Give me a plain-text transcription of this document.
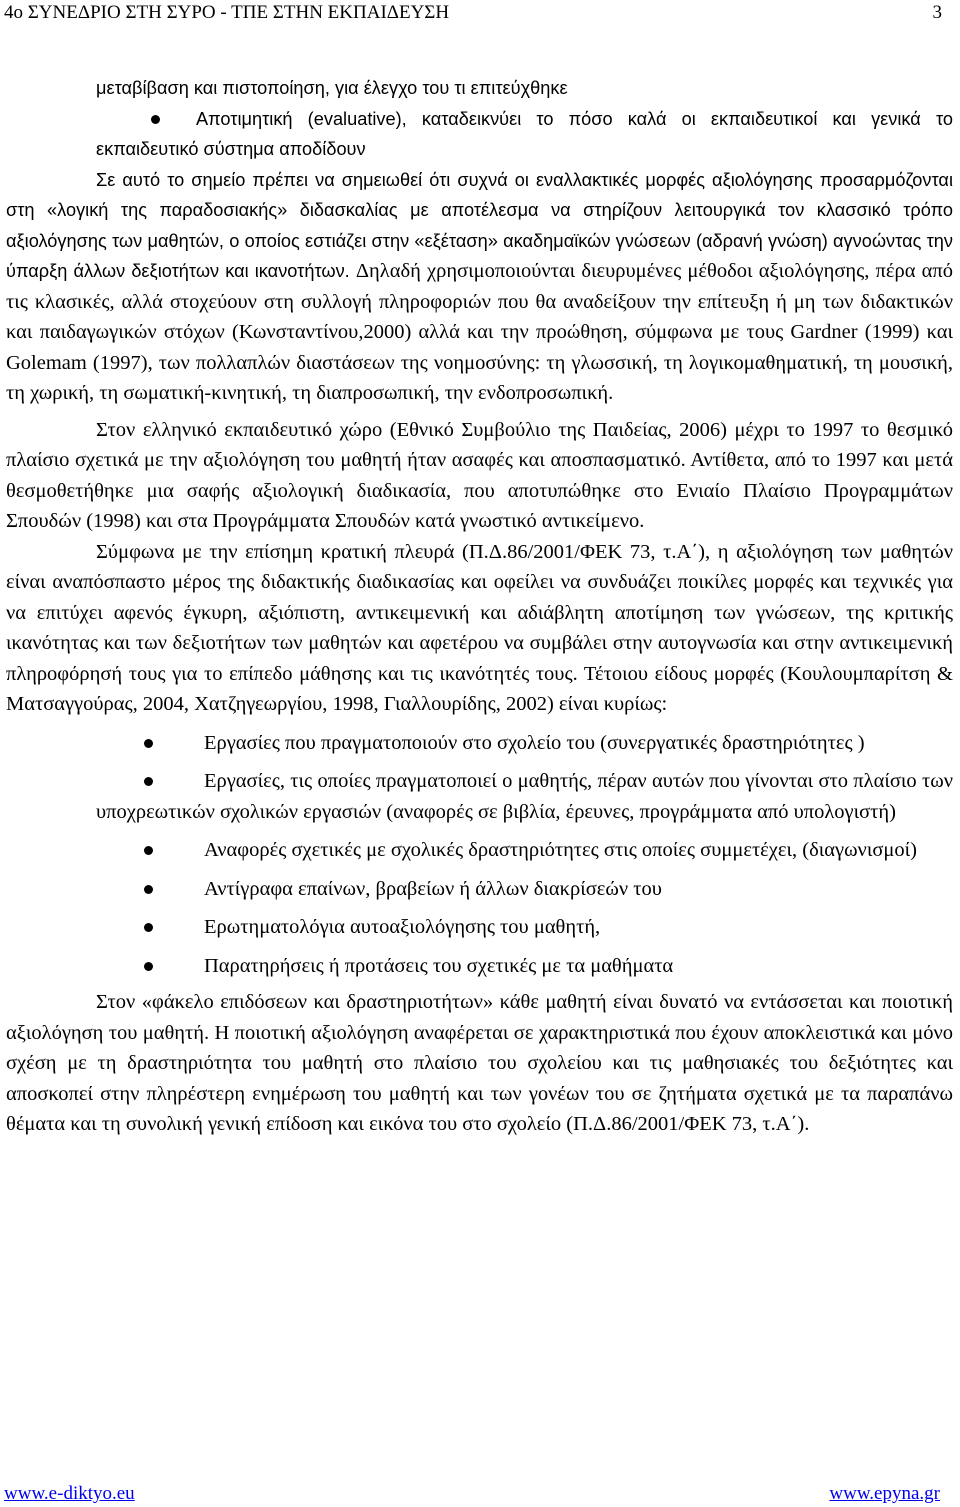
4ο ΣΥΝΕΔΡΙΟ ΣΤΗ ΣΥΡΟ - ΤΠΕ ΣΤΗΝ ΕΚΠΑΙΔΕΥΣΗ	3

μεταβίβαση και πιστοποίηση, για έλεγχο του τι επιτεύχθηκε

Αποτιμητική (evaluative), καταδεικνύει το πόσο καλά οι εκπαιδευτικοί και γενικά το εκπαιδευτικό σύστημα αποδίδουν

Σε αυτό το σημείο πρέπει να σημειωθεί ότι συχνά οι εναλλακτικές μορφές αξιολόγησης προσαρμόζονται στη «λογική της παραδοσιακής» διδασκαλίας με αποτέλεσμα να στηρίζουν λειτουργικά τον κλασσικό τρόπο αξιολόγησης των μαθητών, ο οποίος εστιάζει στην «εξέταση» ακαδημαϊκών γνώσεων (αδρανή γνώση) αγνοώντας την ύπαρξη άλλων δεξιοτήτων και ικανοτήτων. Δηλαδή χρησιμοποιούνται διευρυμένες μέθοδοι αξιολόγησης, πέρα από τις κλασικές, αλλά στοχεύουν στη συλλογή πληροφοριών που θα αναδείξουν την επίτευξη ή μη των διδακτικών και παιδαγωγικών στόχων (Κωνσταντίνου,2000) αλλά και την προώθηση, σύμφωνα με τους Gardner (1999) και Golemam (1997), των πολλαπλών διαστάσεων της νοημοσύνης: τη γλωσσική, τη λογικομαθηματική, τη μουσική, τη χωρική, τη σωματική-κινητική, τη διαπροσωπική, την ενδοπροσωπική.

Στον ελληνικό εκπαιδευτικό χώρο (Εθνικό Συμβούλιο της Παιδείας, 2006) μέχρι το 1997 το θεσμικό πλαίσιο σχετικά με την αξιολόγηση του μαθητή ήταν ασαφές και αποσπασματικό. Αντίθετα, από το 1997 και μετά θεσμοθετήθηκε μια σαφής αξιολογική διαδικασία, που αποτυπώθηκε στο Ενιαίο Πλαίσιο Προγραμμάτων Σπουδών (1998) και στα Προγράμματα Σπουδών κατά γνωστικό αντικείμενο.

Σύμφωνα με την επίσημη κρατική πλευρά (Π.Δ.86/2001/ΦΕΚ 73, τ.Α΄), η αξιολόγηση των μαθητών είναι αναπόσπαστο μέρος της διδακτικής διαδικασίας και οφείλει να συνδυάζει ποικίλες μορφές και τεχνικές για να επιτύχει αφενός έγκυρη, αξιόπιστη, αντικειμενική και αδιάβλητη αποτίμηση των γνώσεων, της κριτικής ικανότητας και των δεξιοτήτων των μαθητών και αφετέρου να συμβάλει στην αυτογνωσία και στην αντικειμενική πληροφόρησή τους για το επίπεδο μάθησης και τις ικανότητές τους. Τέτοιου είδους μορφές (Κουλουμπαρίτση & Ματσαγγούρας, 2004, Χατζηγεωργίου, 1998, Γιαλλουρίδης, 2002) είναι κυρίως:

Εργασίες που πραγματοποιούν στο σχολείο του (συνεργατικές δραστηριότητες )
Εργασίες, τις οποίες πραγματοποιεί ο μαθητής, πέραν αυτών που γίνονται στο πλαίσιο των υποχρεωτικών σχολικών εργασιών (αναφορές σε βιβλία, έρευνες, προγράμματα από υπολογιστή)
Αναφορές σχετικές με σχολικές δραστηριότητες στις οποίες συμμετέχει, (διαγωνισμοί)
Αντίγραφα επαίνων, βραβείων ή άλλων διακρίσεών του
Ερωτηματολόγια αυτοαξιολόγησης του μαθητή,
Παρατηρήσεις ή προτάσεις του σχετικές με τα μαθήματα

Στον «φάκελο επιδόσεων και δραστηριοτήτων» κάθε μαθητή είναι δυνατό να εντάσσεται και ποιοτική αξιολόγηση του μαθητή. Η ποιοτική αξιολόγηση αναφέρεται σε χαρακτηριστικά που έχουν αποκλειστικά και μόνο σχέση με τη δραστηριότητα του μαθητή στο πλαίσιο του σχολείου και τις μαθησιακές του δεξιότητες και αποσκοπεί στην πληρέστερη ενημέρωση του μαθητή και των γονέων του σε ζητήματα σχετικά με τα παραπάνω θέματα και τη συνολική γενική επίδοση και εικόνα του στο σχολείο (Π.Δ.86/2001/ΦΕΚ 73, τ.Α΄).

www.e-diktyo.eu	www.epyna.gr
